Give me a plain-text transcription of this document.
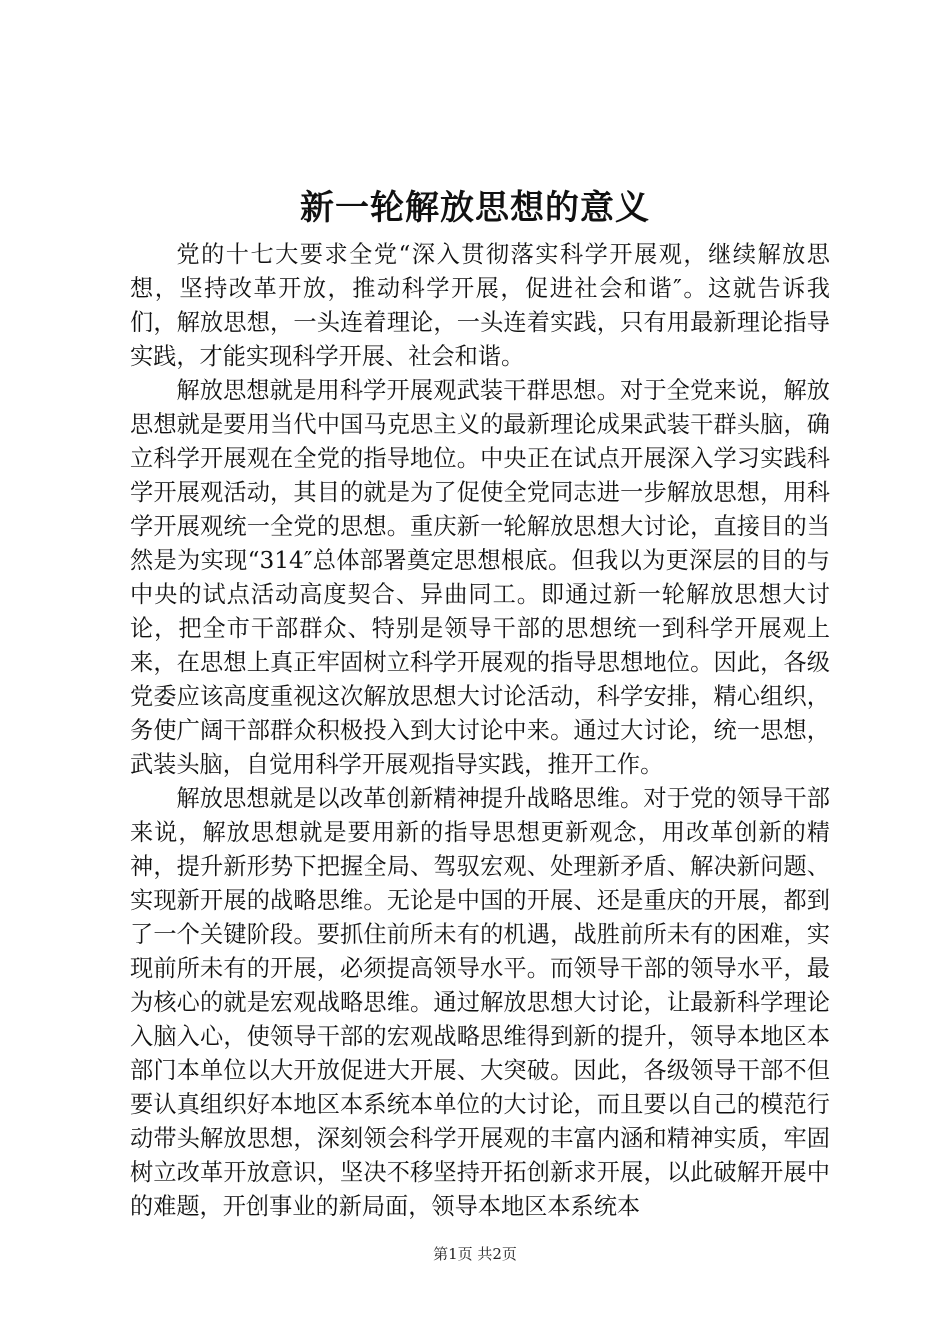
新一轮解放思想的意义

党的十七大要求全党“深入贯彻落实科学开展观，继续解放思想，坚持改革开放，推动科学开展，促进社会和谐″。这就告诉我们，解放思想，一头连着理论，一头连着实践，只有用最新理论指导实践，才能实现科学开展、社会和谐。

解放思想就是用科学开展观武装干群思想。对于全党来说，解放思想就是要用当代中国马克思主义的最新理论成果武装干群头脑，确立科学开展观在全党的指导地位。中央正在试点开展深入学习实践科学开展观活动，其目的就是为了促使全党同志进一步解放思想，用科学开展观统一全党的思想。重庆新一轮解放思想大讨论，直接目的当然是为实现“314″总体部署奠定思想根底。但我以为更深层的目的与中央的试点活动高度契合、异曲同工。即通过新一轮解放思想大讨论，把全市干部群众、特别是领导干部的思想统一到科学开展观上来，在思想上真正牢固树立科学开展观的指导思想地位。因此，各级党委应该高度重视这次解放思想大讨论活动，科学安排，精心组织，务使广阔干部群众积极投入到大讨论中来。通过大讨论，统一思想，武装头脑，自觉用科学开展观指导实践，推开工作。

解放思想就是以改革创新精神提升战略思维。对于党的领导干部来说，解放思想就是要用新的指导思想更新观念，用改革创新的精神，提升新形势下把握全局、驾驭宏观、处理新矛盾、解决新问题、实现新开展的战略思维。无论是中国的开展、还是重庆的开展，都到了一个关键阶段。要抓住前所未有的机遇，战胜前所未有的困难，实现前所未有的开展，必须提高领导水平。而领导干部的领导水平，最为核心的就是宏观战略思维。通过解放思想大讨论，让最新科学理论入脑入心，使领导干部的宏观战略思维得到新的提升，领导本地区本部门本单位以大开放促进大开展、大突破。因此，各级领导干部不但要认真组织好本地区本系统本单位的大讨论，而且要以自己的模范行动带头解放思想，深刻领会科学开展观的丰富内涵和精神实质，牢固树立改革开放意识，坚决不移坚持开拓创新求开展，以此破解开展中的难题，开创事业的新局面，领导本地区本系统本

第1页 共2页
